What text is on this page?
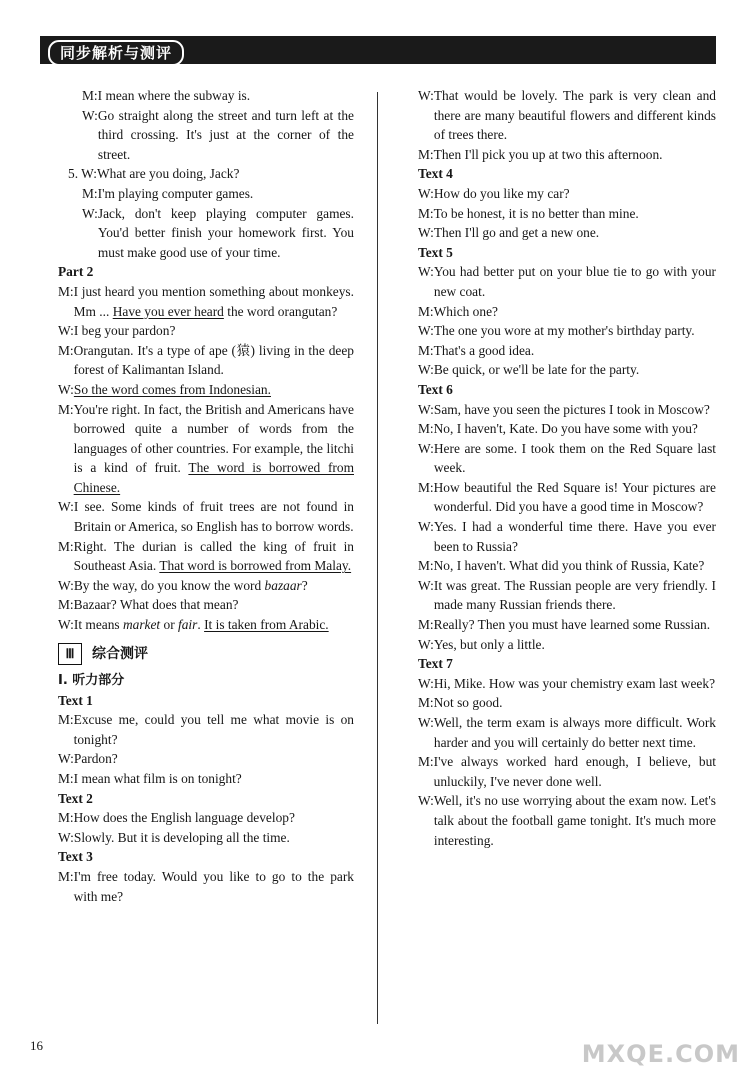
同步解析与测评
M: I mean where the subway is.
W: Go straight along the street and turn left at the third crossing. It's just at the corner of the street.
5. W: What are you doing, Jack?
M: I'm playing computer games.
W: Jack, don't keep playing computer games. You'd better finish your homework first. You must make good use of your time.

Part 2

M: I just heard you mention something about monkeys. Mm ... Have you ever heard the word orangutan?
W: I beg your pardon?
M: Orangutan. It's a type of ape (猿) living in the deep forest of Kalimantan Island.
W: So the word comes from Indonesian.
M: You're right. In fact, the British and Americans have borrowed quite a number of words from the languages of other countries. For example, the litchi is a kind of fruit. The word is borrowed from Chinese.
W: I see. Some kinds of fruit trees are not found in Britain or America, so English has to borrow words.
M: Right. The durian is called the king of fruit in Southeast Asia. That word is borrowed from Malay.
W: By the way, do you know the word bazaar?
M: Bazaar? What does that mean?
W: It means market or fair. It is taken from Arabic.
Ⅲ	综合测评

Ⅰ. 听力部分

Text 1

M: Excuse me, could you tell me what movie is on tonight?
W: Pardon?
M: I mean what film is on tonight?

Text 2

M: How does the English language develop?
W: Slowly. But it is developing all the time.

Text 3

M: I'm free today. Would you like to go to the park with me?
W: That would be lovely. The park is very clean and there are many beautiful flowers and different kinds of trees there.
M: Then I'll pick you up at two this afternoon.

Text 4

W: How do you like my car?
M: To be honest, it is no better than mine.
W: Then I'll go and get a new one.

Text 5

W: You had better put on your blue tie to go with your new coat.
M: Which one?
W: The one you wore at my mother's birthday party.
M: That's a good idea.
W: Be quick, or we'll be late for the party.

Text 6

W: Sam, have you seen the pictures I took in Moscow?
M: No, I haven't, Kate. Do you have some with you?
W: Here are some. I took them on the Red Square last week.
M: How beautiful the Red Square is! Your pictures are wonderful. Did you have a good time in Moscow?
W: Yes. I had a wonderful time there. Have you ever been to Russia?
M: No, I haven't. What did you think of Russia, Kate?
W: It was great. The Russian people are very friendly. I made many Russian friends there.
M: Really? Then you must have learned some Russian.
W: Yes, but only a little.

Text 7

W: Hi, Mike. How was your chemistry exam last week?
M: Not so good.
W: Well, the term exam is always more difficult. Work harder and you will certainly do better next time.
M: I've always worked hard enough, I believe, but unluckily, I've never done well.
W: Well, it's no use worrying about the exam now. Let's talk about the football game tonight. It's much more interesting.
16	MXQE.COM
